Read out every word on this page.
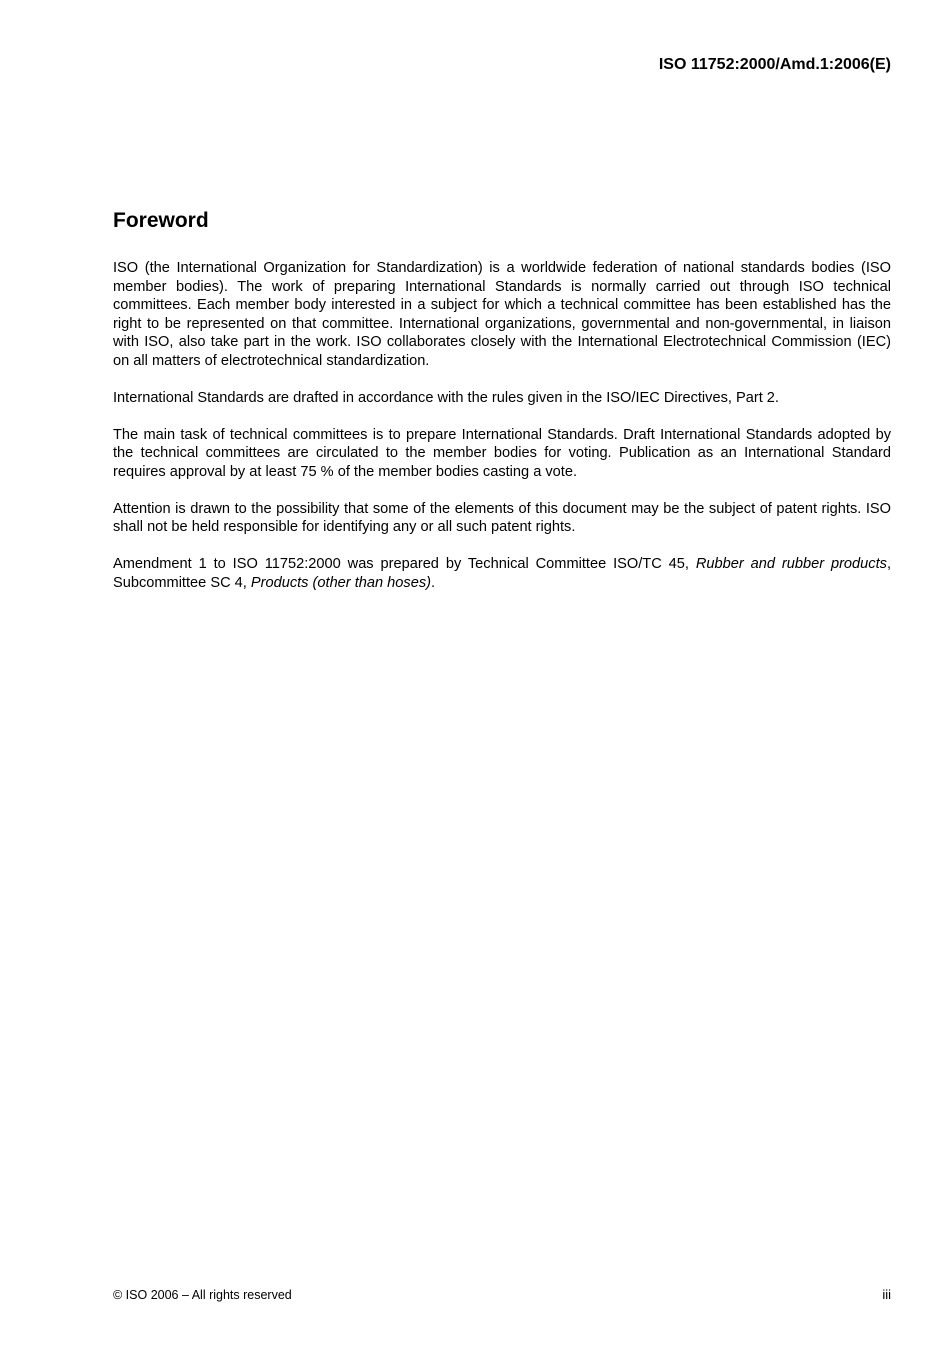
ISO 11752:2000/Amd.1:2006(E)
Foreword

ISO (the International Organization for Standardization) is a worldwide federation of national standards bodies (ISO member bodies). The work of preparing International Standards is normally carried out through ISO technical committees. Each member body interested in a subject for which a technical committee has been established has the right to be represented on that committee. International organizations, governmental and non-governmental, in liaison with ISO, also take part in the work. ISO collaborates closely with the International Electrotechnical Commission (IEC) on all matters of electrotechnical standardization.

International Standards are drafted in accordance with the rules given in the ISO/IEC Directives, Part 2.

The main task of technical committees is to prepare International Standards. Draft International Standards adopted by the technical committees are circulated to the member bodies for voting. Publication as an International Standard requires approval by at least 75 % of the member bodies casting a vote.

Attention is drawn to the possibility that some of the elements of this document may be the subject of patent rights. ISO shall not be held responsible for identifying any or all such patent rights.

Amendment 1 to ISO 11752:2000 was prepared by Technical Committee ISO/TC 45, Rubber and rubber products, Subcommittee SC 4, Products (other than hoses).

© ISO 2006 – All rights reserved	iii
